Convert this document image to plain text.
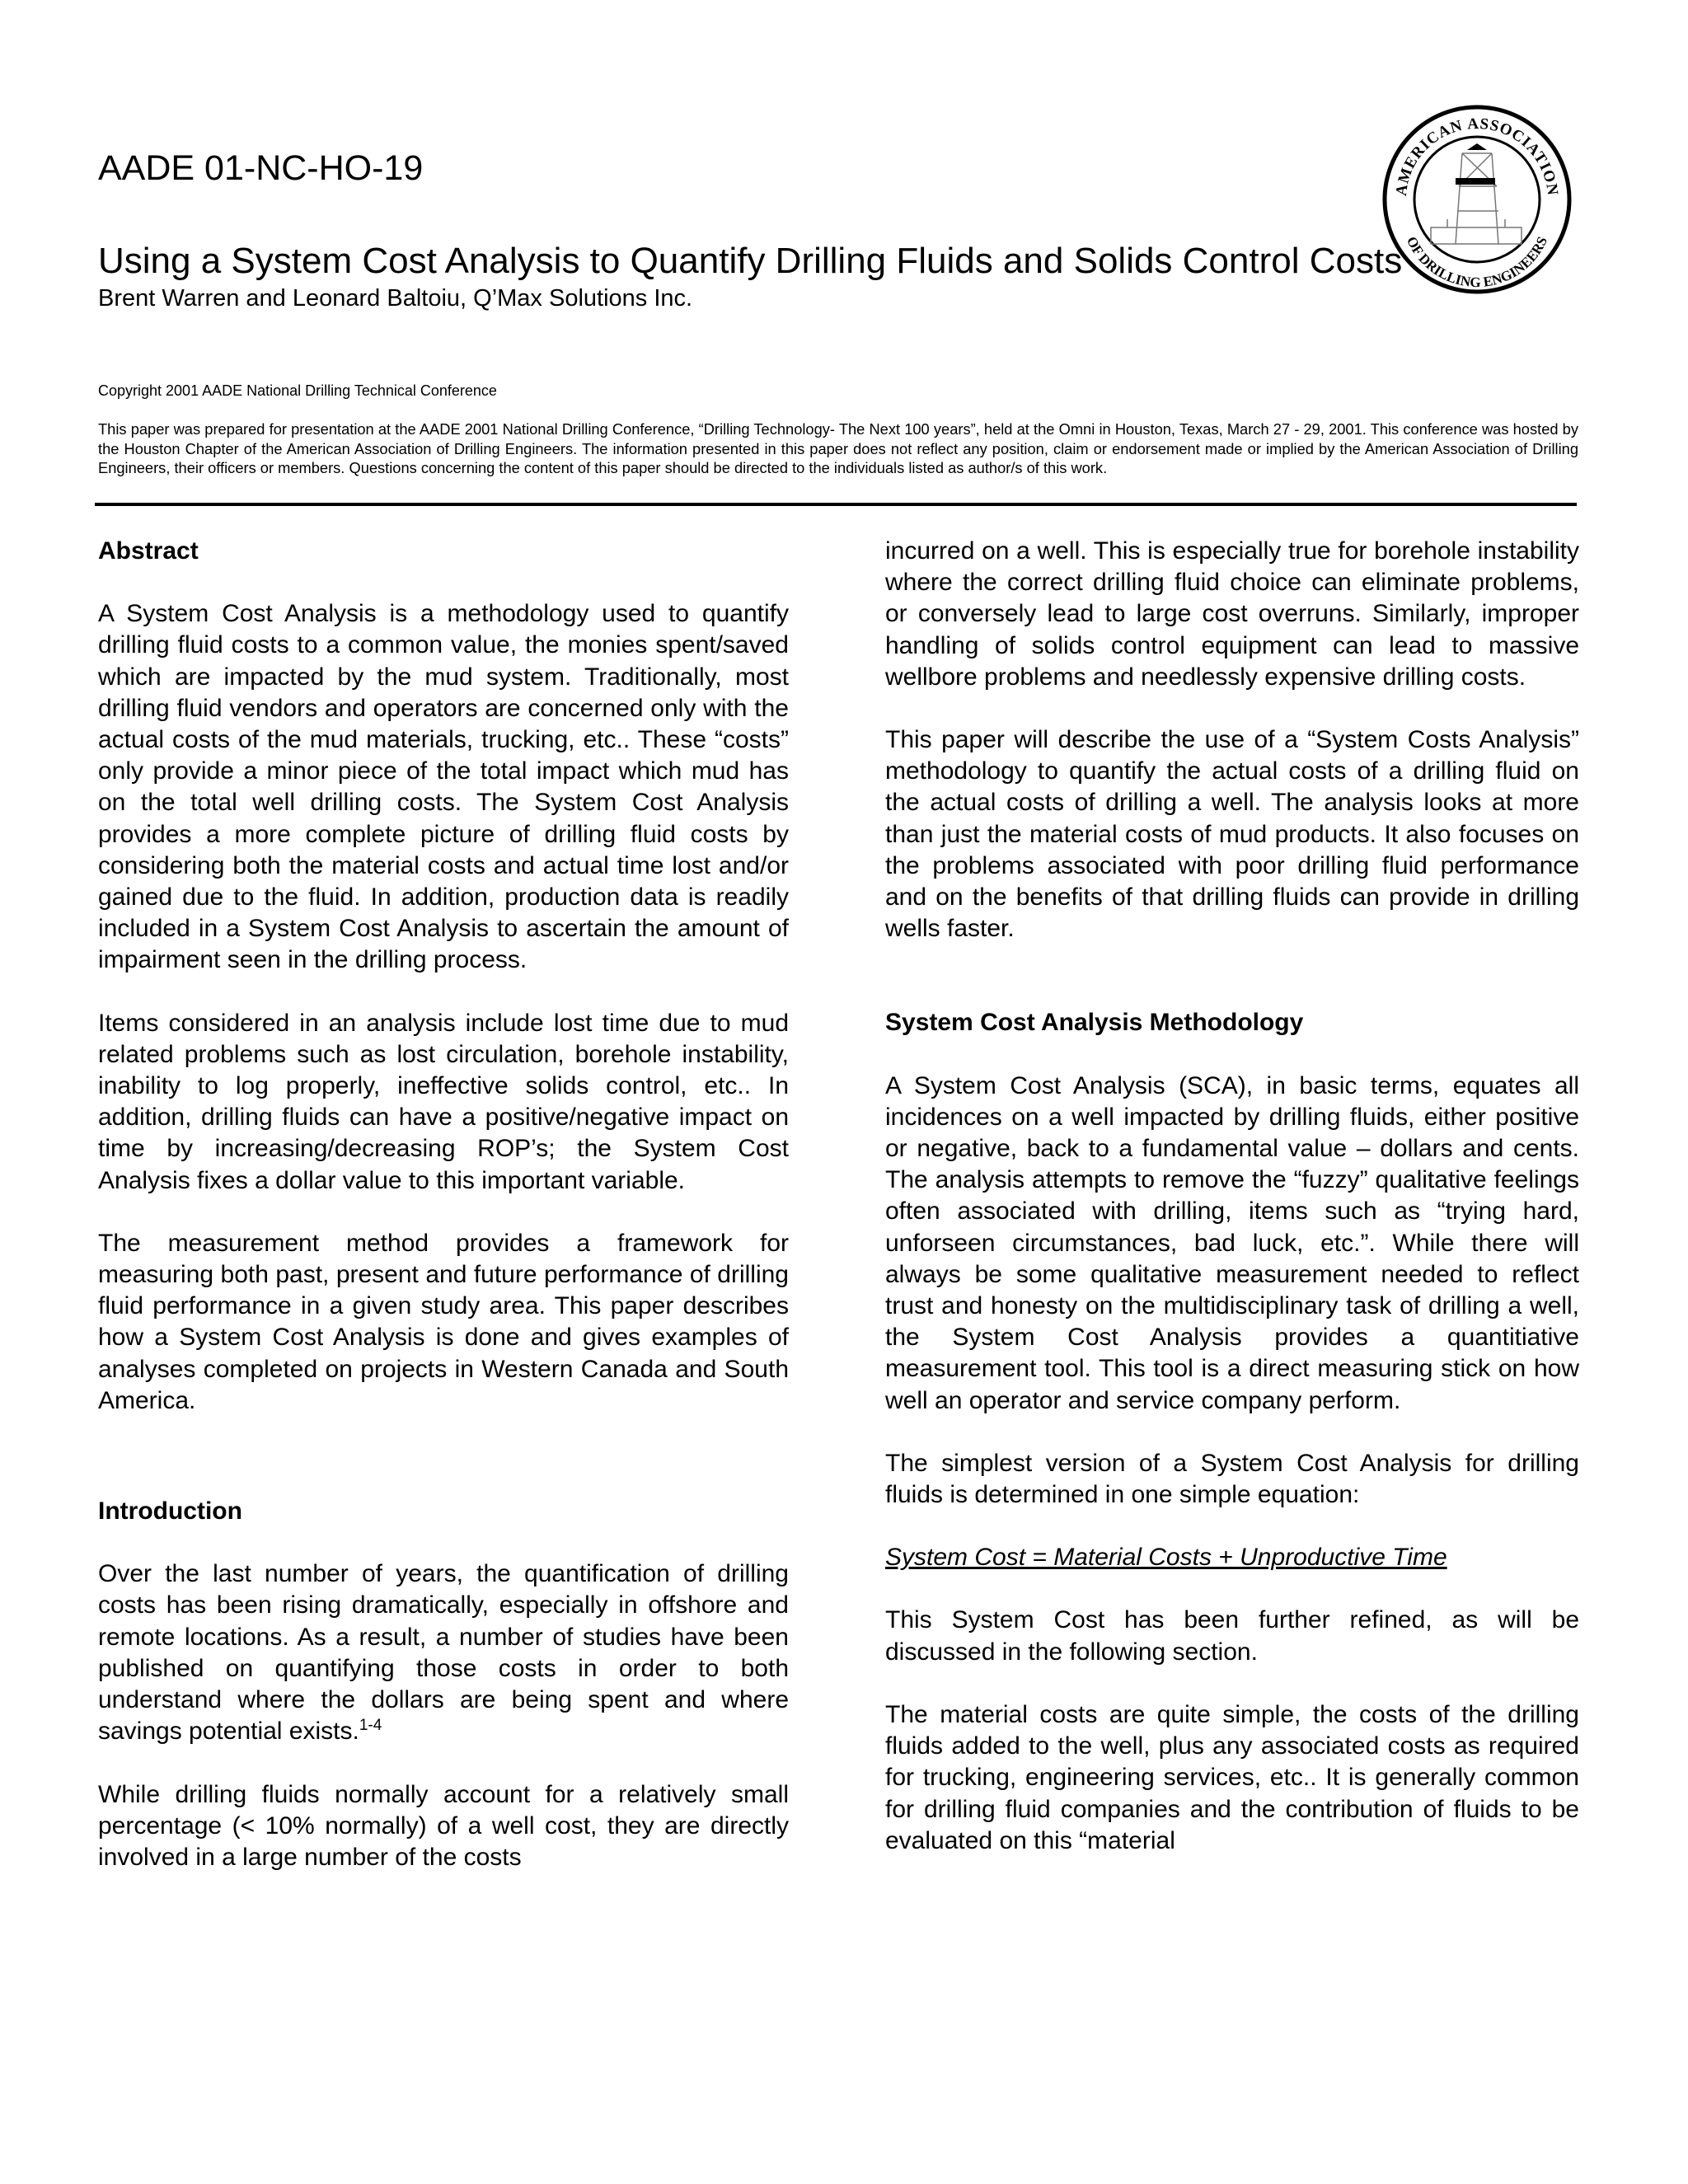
AADE 01-NC-HO-19
Using a System Cost Analysis to Quantify Drilling Fluids and Solids Control Costs
Brent Warren and Leonard Baltoiu, Q’Max Solutions Inc.
Copyright 2001 AADE National Drilling Technical Conference
This paper was prepared for presentation at the AADE 2001 National Drilling Conference, “Drilling Technology- The Next 100 years”, held at the Omni in Houston, Texas, March 27 - 29, 2001. This conference was hosted by the Houston Chapter of the American Association of Drilling Engineers. The information presented in this paper does not reflect any position, claim or endorsement made or implied by the American Association of Drilling Engineers, their officers or members. Questions concerning the content of this paper should be directed to the individuals listed as author/s of this work.
AMERICAN ASSOCIATION
OF DRILLING ENGINEERS
Abstract

A System Cost Analysis is a methodology used to quantify drilling fluid costs to a common value, the monies spent/saved which are impacted by the mud system. Traditionally, most drilling fluid vendors and operators are concerned only with the actual costs of the mud materials, trucking, etc.. These “costs” only provide a minor piece of the total impact which mud has on the total well drilling costs. The System Cost Analysis provides a more complete picture of drilling fluid costs by considering both the material costs and actual time lost and/or gained due to the fluid. In addition, production data is readily included in a System Cost Analysis to ascertain the amount of impairment seen in the drilling process.

Items considered in an analysis include lost time due to mud related problems such as lost circulation, borehole instability, inability to log properly, ineffective solids control, etc.. In addition, drilling fluids can have a positive/negative impact on time by increasing/decreasing ROP’s; the System Cost Analysis fixes a dollar value to this important variable.

The measurement method provides a framework for measuring both past, present and future performance of drilling fluid performance in a given study area. This paper describes how a System Cost Analysis is done and gives examples of analyses completed on projects in Western Canada and South America.

Introduction

Over the last number of years, the quantification of drilling costs has been rising dramatically, especially in offshore and remote locations. As a result, a number of studies have been published on quantifying those costs in order to both understand where the dollars are being spent and where savings potential exists.$^{1-4}$

While drilling fluids normally account for a relatively small percentage (< 10% normally) of a well cost, they are directly involved in a large number of the costs

incurred on a well. This is especially true for borehole instability where the correct drilling fluid choice can eliminate problems, or conversely lead to large cost overruns. Similarly, improper handling of solids control equipment can lead to massive wellbore problems and needlessly expensive drilling costs.

This paper will describe the use of a “System Costs Analysis” methodology to quantify the actual costs of a drilling fluid on the actual costs of drilling a well. The analysis looks at more than just the material costs of mud products. It also focuses on the problems associated with poor drilling fluid performance and on the benefits of that drilling fluids can provide in drilling wells faster.

System Cost Analysis Methodology

A System Cost Analysis (SCA), in basic terms, equates all incidences on a well impacted by drilling fluids, either positive or negative, back to a fundamental value – dollars and cents. The analysis attempts to remove the “fuzzy” qualitative feelings often associated with drilling, items such as “trying hard, unforseen circumstances, bad luck, etc.”. While there will always be some qualitative measurement needed to reflect trust and honesty on the multidisciplinary task of drilling a well, the System Cost Analysis provides a quantitiative measurement tool. This tool is a direct measuring stick on how well an operator and service company perform.

The simplest version of a System Cost Analysis for drilling fluids is determined in one simple equation:

System Cost = Material Costs + Unproductive Time

This System Cost has been further refined, as will be discussed in the following section.

The material costs are quite simple, the costs of the drilling fluids added to the well, plus any associated costs as required for trucking, engineering services, etc.. It is generally common for drilling fluid companies and the contribution of fluids to be evaluated on this “material
